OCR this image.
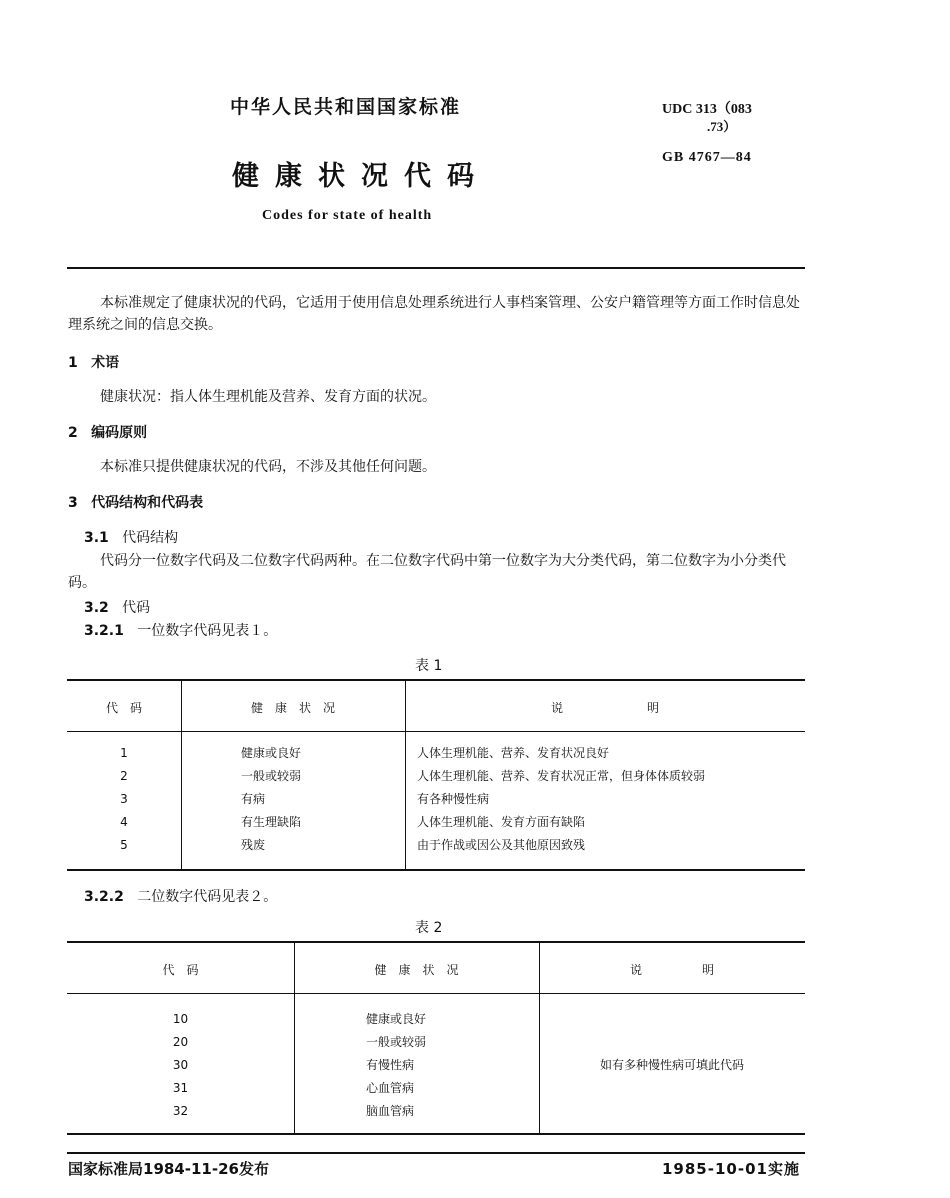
中华人民共和国国家标准	UDC 313（083
.73）
GB 4767—84
健康状况代码
Codes for state of health
本标准规定了健康状况的代码，它适用于使用信息处理系统进行人事档案管理、公安户籍管理等方面工作时信息处理系统之间的信息交换。
1 术语
健康状况：指人体生理机能及营养、发育方面的状况。
2 编码原则
本标准只提供健康状况的代码，不涉及其他任何问题。
3 代码结构和代码表
3.1 代码结构
代码分一位数字代码及二位数字代码两种。在二位数字代码中第一位数字为大分类代码，第二位数字为小分类代码。
3.2 代码
3.2.1 一位数字代码见表１。
表 1
代　码	健　康　状　况	说　　　　　　　明

1	健康或良好	人体生理机能、营养、发育状况良好
2	一般或较弱	人体生理机能、营养、发育状况正常，但身体体质较弱
3	有病	有各种慢性病
4	有生理缺陷	人体生理机能、发育方面有缺陷
5	残废	由于作战或因公及其他原因致残
3.2.2 二位数字代码见表２。
表 2
代　码	健　康　状　况	说　　　　　明

10	健康或良好	如有多种慢性病可填此代码
20	一般或较弱	
30	有慢性病	
31	心血管病	
32	脑血管病	
国家标准局1984-11-26发布	1985-10-01实施
